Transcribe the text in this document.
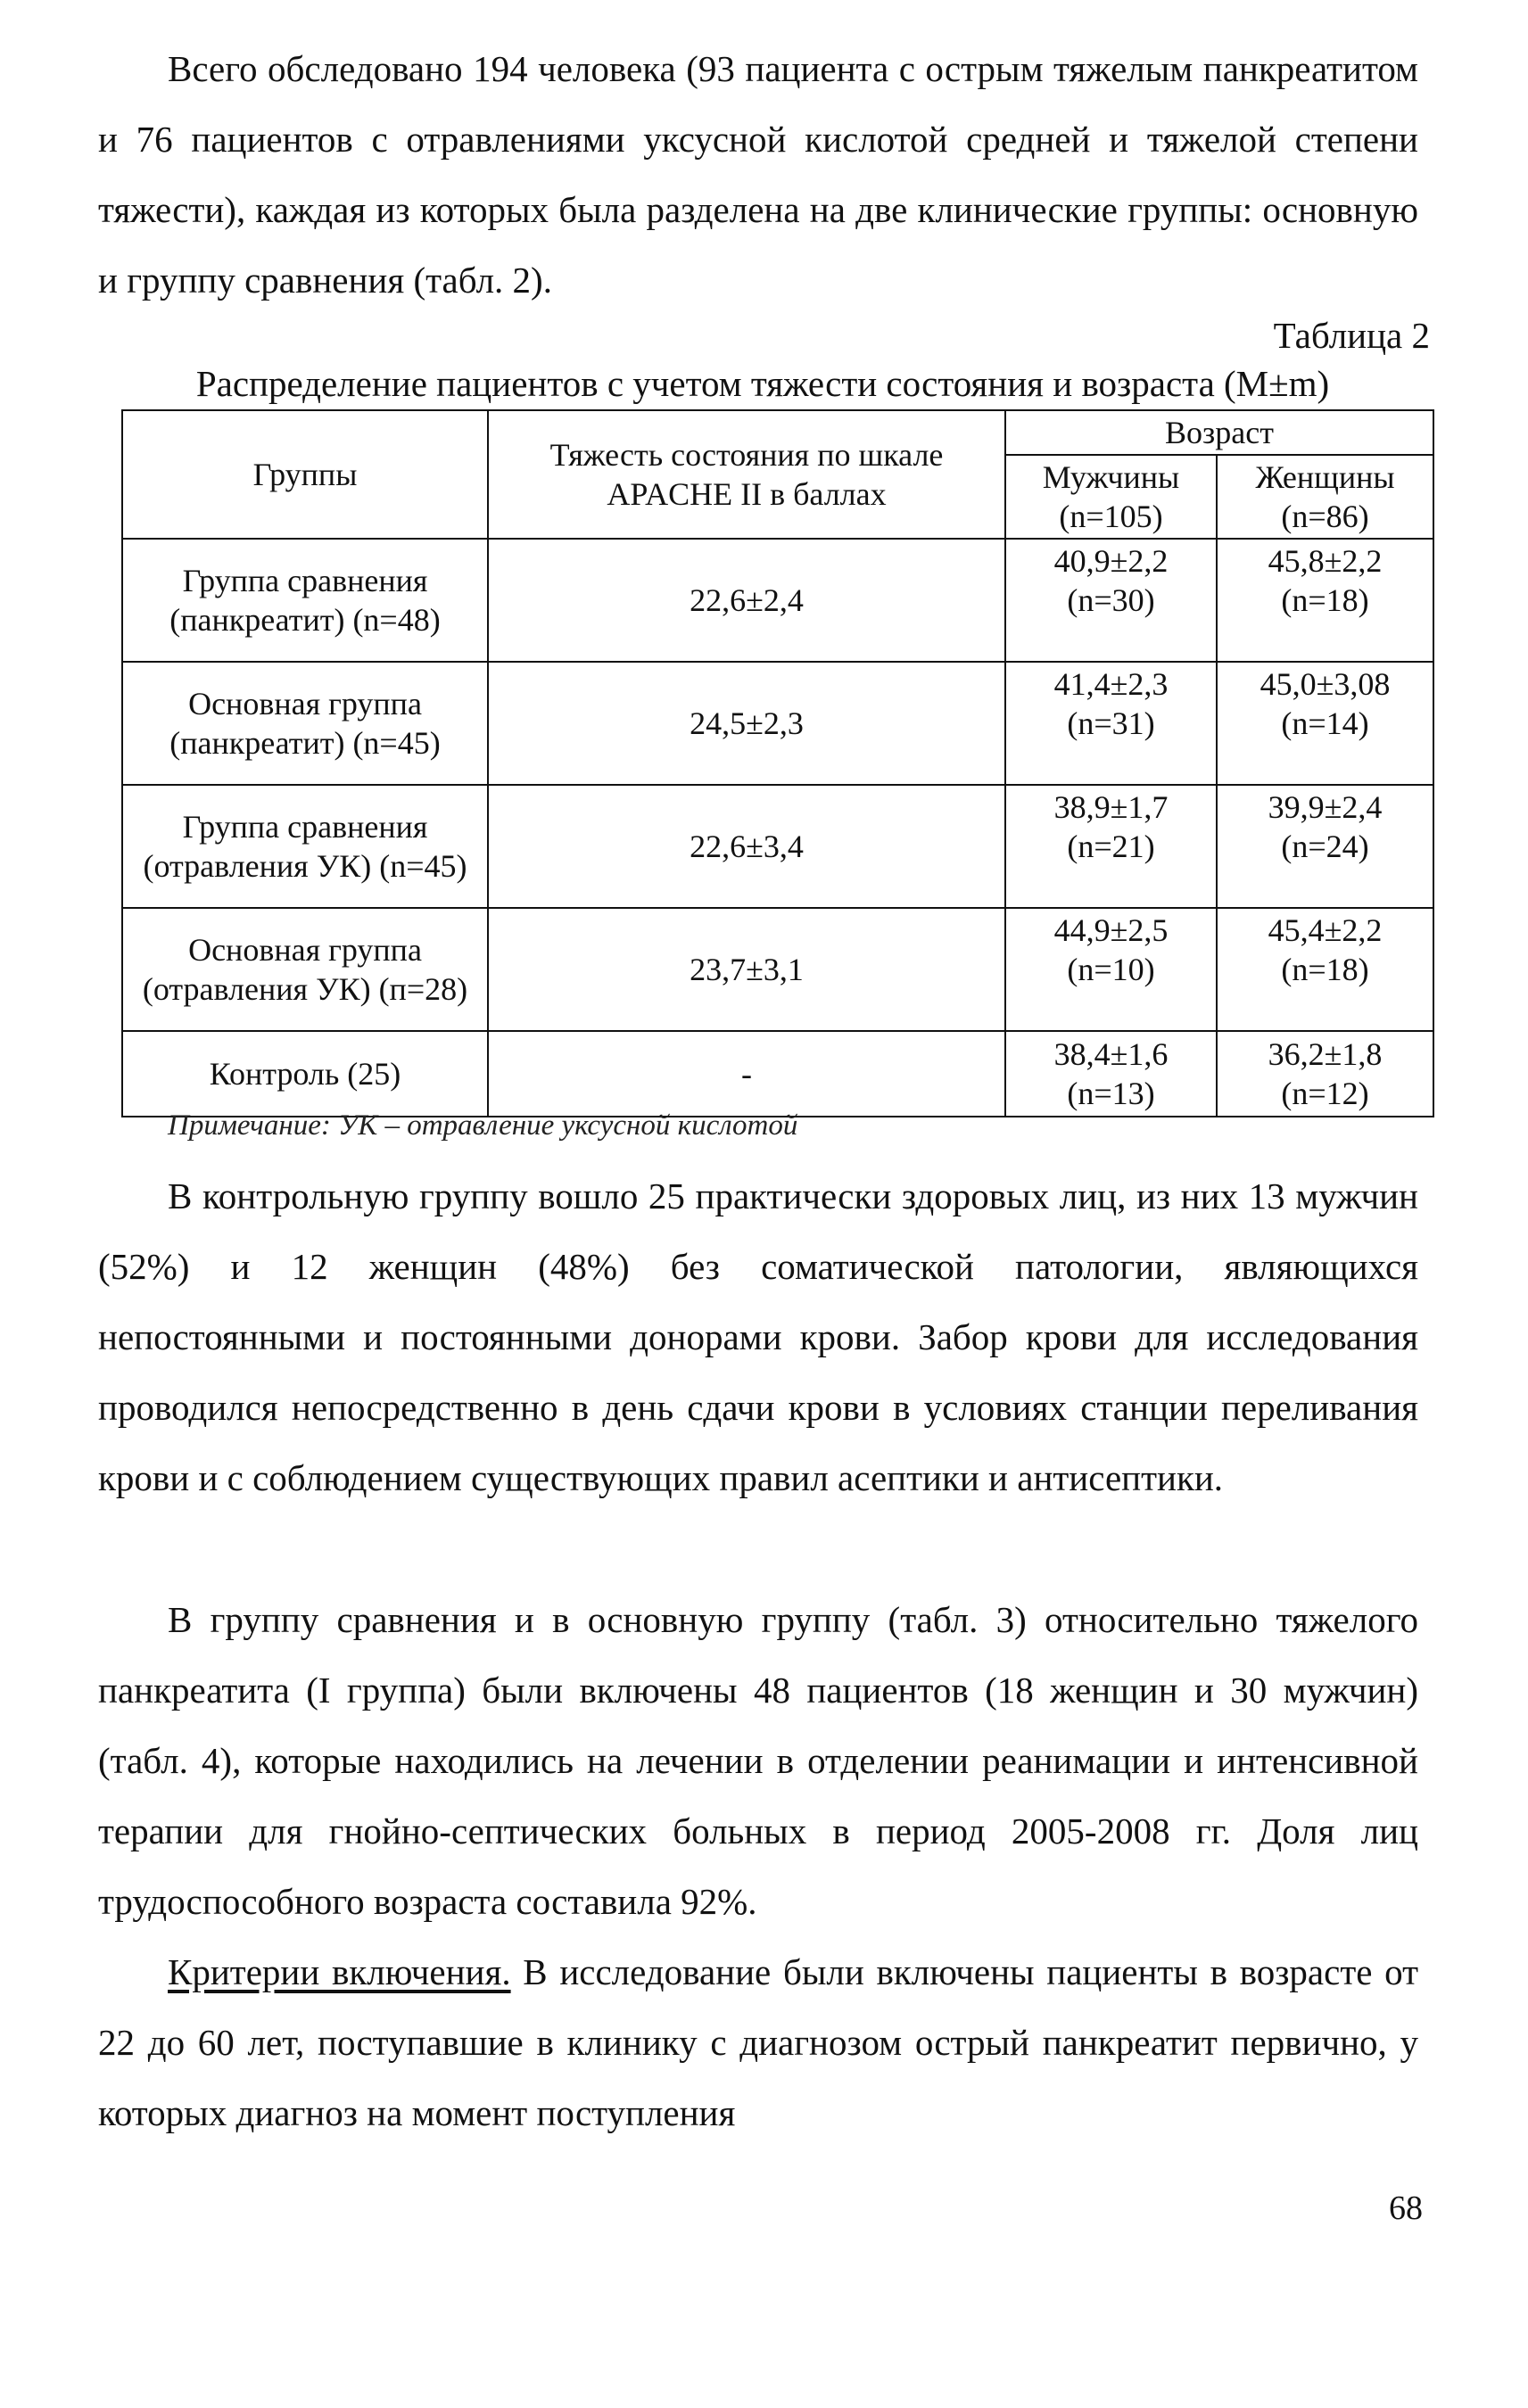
Всего обследовано 194 человека (93 пациента с острым тяжелым панкреатитом и 76 пациентов с отравлениями уксусной кислотой средней и тяжелой степени тяжести), каждая из которых была разделена на две клинические группы: основную и группу сравнения (табл. 2).

Таблица 2

Распределение пациентов с учетом тяжести состояния и возраста (M±m)

Группы	Тяжесть состояния по шкале APACHE II в баллах	Возраст	
		Мужчины (n=105)	Женщины (n=86)
Группа сравнения (панкреатит) (n=48)	22,6±2,4	40,9±2,2 (n=30)	45,8±2,2 (n=18)
Основная группа (панкреатит) (n=45)	24,5±2,3	41,4±2,3 (n=31)	45,0±3,08 (n=14)
Группа сравнения (отравления УК) (n=45)	22,6±3,4	38,9±1,7 (n=21)	39,9±2,4 (n=24)
Основная группа (отравления УК) (п=28)	23,7±3,1	44,9±2,5 (n=10)	45,4±2,2 (n=18)
Контроль (25)	-	38,4±1,6 (n=13)	36,2±1,8 (n=12)

Примечание: УК – отравление уксусной кислотой

В контрольную группу вошло 25 практически здоровых лиц, из них 13 мужчин (52%) и 12 женщин (48%) без соматической патологии, являющихся непостоянными и постоянными донорами крови. Забор крови для исследования проводился непосредственно в день сдачи крови в условиях станции переливания крови и с соблюдением существующих правил асептики и антисептики.

В группу сравнения и в основную группу (табл. 3) относительно тяжелого панкреатита (I группа) были включены 48 пациентов (18 женщин и 30 мужчин) (табл. 4), которые находились на лечении в отделении реанимации и интенсивной терапии для гнойно-септических больных в период 2005-2008 гг. Доля лиц трудоспособного возраста составила 92%.

Критерии включения. В исследование были включены пациенты в возрасте от 22 до 60 лет, поступавшие в клинику с диагнозом острый панкреатит первично, у которых диагноз на момент поступления

68
